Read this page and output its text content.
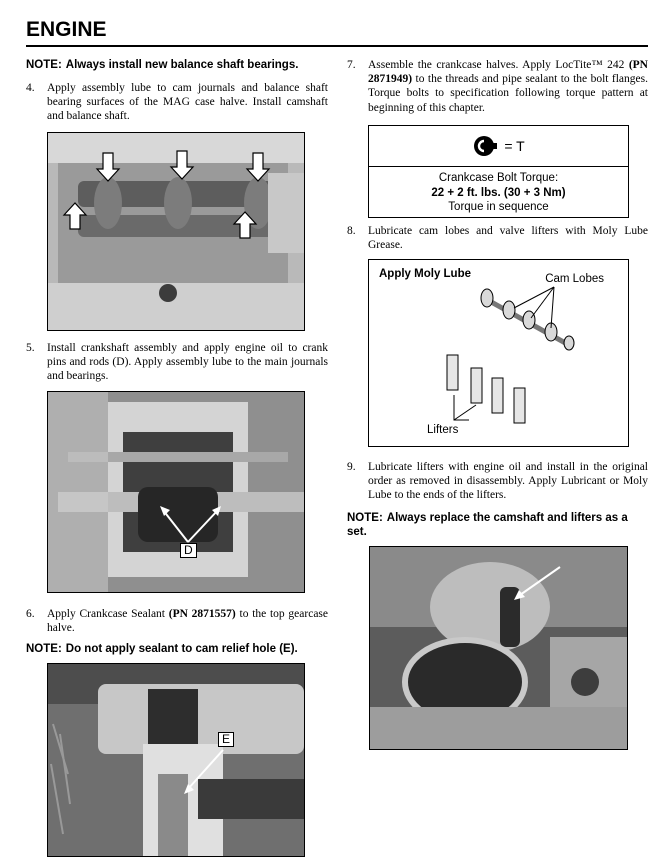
ENGINE
NOTE: Always install new balance shaft bearings.
4. Apply assembly lube to cam journals and balance shaft bearing surfaces of the MAG case halve. Install camshaft and balance shaft.
5. Install crankshaft assembly and apply engine oil to crank pins and rods (D). Apply assembly lube to the main journals and bearings.
D
6. Apply Crankcase Sealant (PN 2871557) to the top gearcase halve.
NOTE: Do not apply sealant to cam relief hole (E).
E
7. Assemble the crankcase halves. Apply LocTite™ 242 (PN 2871949) to the threads and pipe sealant to the bolt flanges. Torque bolts to specification following torque pattern at beginning of this chapter.
= T
Crankcase Bolt Torque:
22 + 2 ft. lbs. (30 + 3 Nm)
Torque in sequence
8. Lubricate cam lobes and valve lifters with Moly Lube Grease.
Apply Moly Lube	Cam Lobes
Lifters
9. Lubricate lifters with engine oil and install in the original order as removed in disassembly. Apply Lubricant or Moly Lube to the ends of the lifters.
NOTE: Always replace the camshaft and lifters as a set.
